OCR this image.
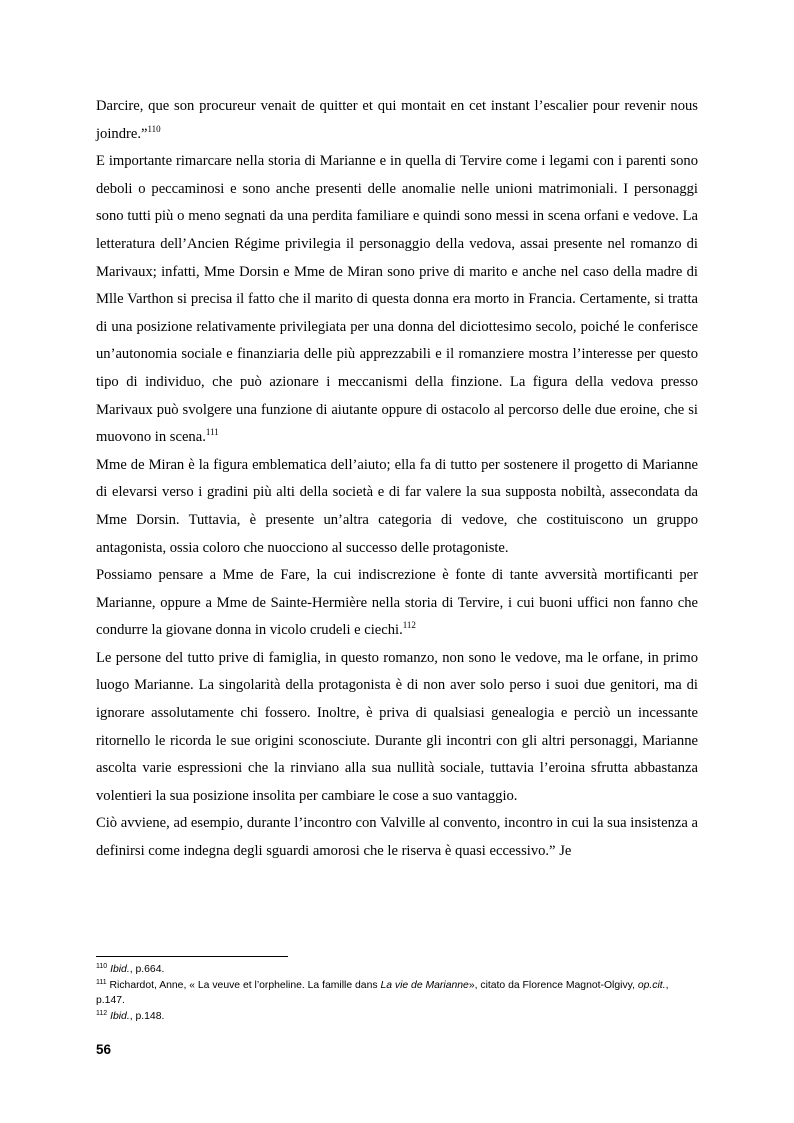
Darcire, que son procureur venait de quitter et qui montait en cet instant l’escalier pour revenir nous joindre.”$^{110}$

E importante rimarcare nella storia di Marianne e in quella di Tervire come i legami con i parenti sono deboli o peccaminosi e sono anche presenti delle anomalie nelle unioni matrimoniali. I personaggi sono tutti più o meno segnati da una perdita familiare e quindi sono messi in scena orfani e vedove. La letteratura dell’Ancien Régime privilegia il personaggio della vedova, assai presente nel romanzo di Marivaux; infatti, Mme Dorsin e Mme de Miran sono prive di marito e anche nel caso della madre di Mlle Varthon si precisa il fatto che il marito di questa donna era morto in Francia. Certamente, si tratta di una posizione relativamente privilegiata per una donna del diciottesimo secolo, poiché le conferisce un’autonomia sociale e finanziaria delle più apprezzabili e il romanziere mostra l’interesse per questo tipo di individuo, che può azionare i meccanismi della finzione. La figura della vedova presso Marivaux può svolgere una funzione di aiutante oppure di ostacolo al percorso delle due eroine, che si muovono in scena.$^{111}$

Mme de Miran è la figura emblematica dell’aiuto; ella fa di tutto per sostenere il progetto di Marianne di elevarsi verso i gradini più alti della società e di far valere la sua supposta nobiltà, assecondata da Mme Dorsin. Tuttavia, è presente un’altra categoria di vedove, che costituiscono un gruppo antagonista, ossia coloro che nuocciono al successo delle protagoniste.

Possiamo pensare a Mme de Fare, la cui indiscrezione è fonte di tante avversità mortificanti per Marianne, oppure a Mme de Sainte-Hermière nella storia di Tervire, i cui buoni uffici non fanno che condurre la giovane donna in vicolo crudeli e ciechi.$^{112}$

Le persone del tutto prive di famiglia, in questo romanzo, non sono le vedove, ma le orfane, in primo luogo Marianne. La singolarità della protagonista è di non aver solo perso i suoi due genitori, ma di ignorare assolutamente chi fossero. Inoltre, è priva di qualsiasi genealogia e perciò un incessante ritornello le ricorda le sue origini sconosciute. Durante gli incontri con gli altri personaggi, Marianne ascolta varie espressioni che la rinviano alla sua nullità sociale, tuttavia l’eroina sfrutta abbastanza volentieri la sua posizione insolita per cambiare le cose a suo vantaggio.

Ciò avviene, ad esempio, durante l’incontro con Valville al convento, incontro in cui la sua insistenza a definirsi come indegna degli sguardi amorosi che le riserva è quasi eccessivo.” Je

$^{110}$ Ibid., p.664.
$^{111}$ Richardot, Anne, « La veuve et l’orpheline. La famille dans La vie de Marianne», citato da Florence Magnot-Olgivy, op.cit., p.147.
$^{112}$ Ibid., p.148.
56
